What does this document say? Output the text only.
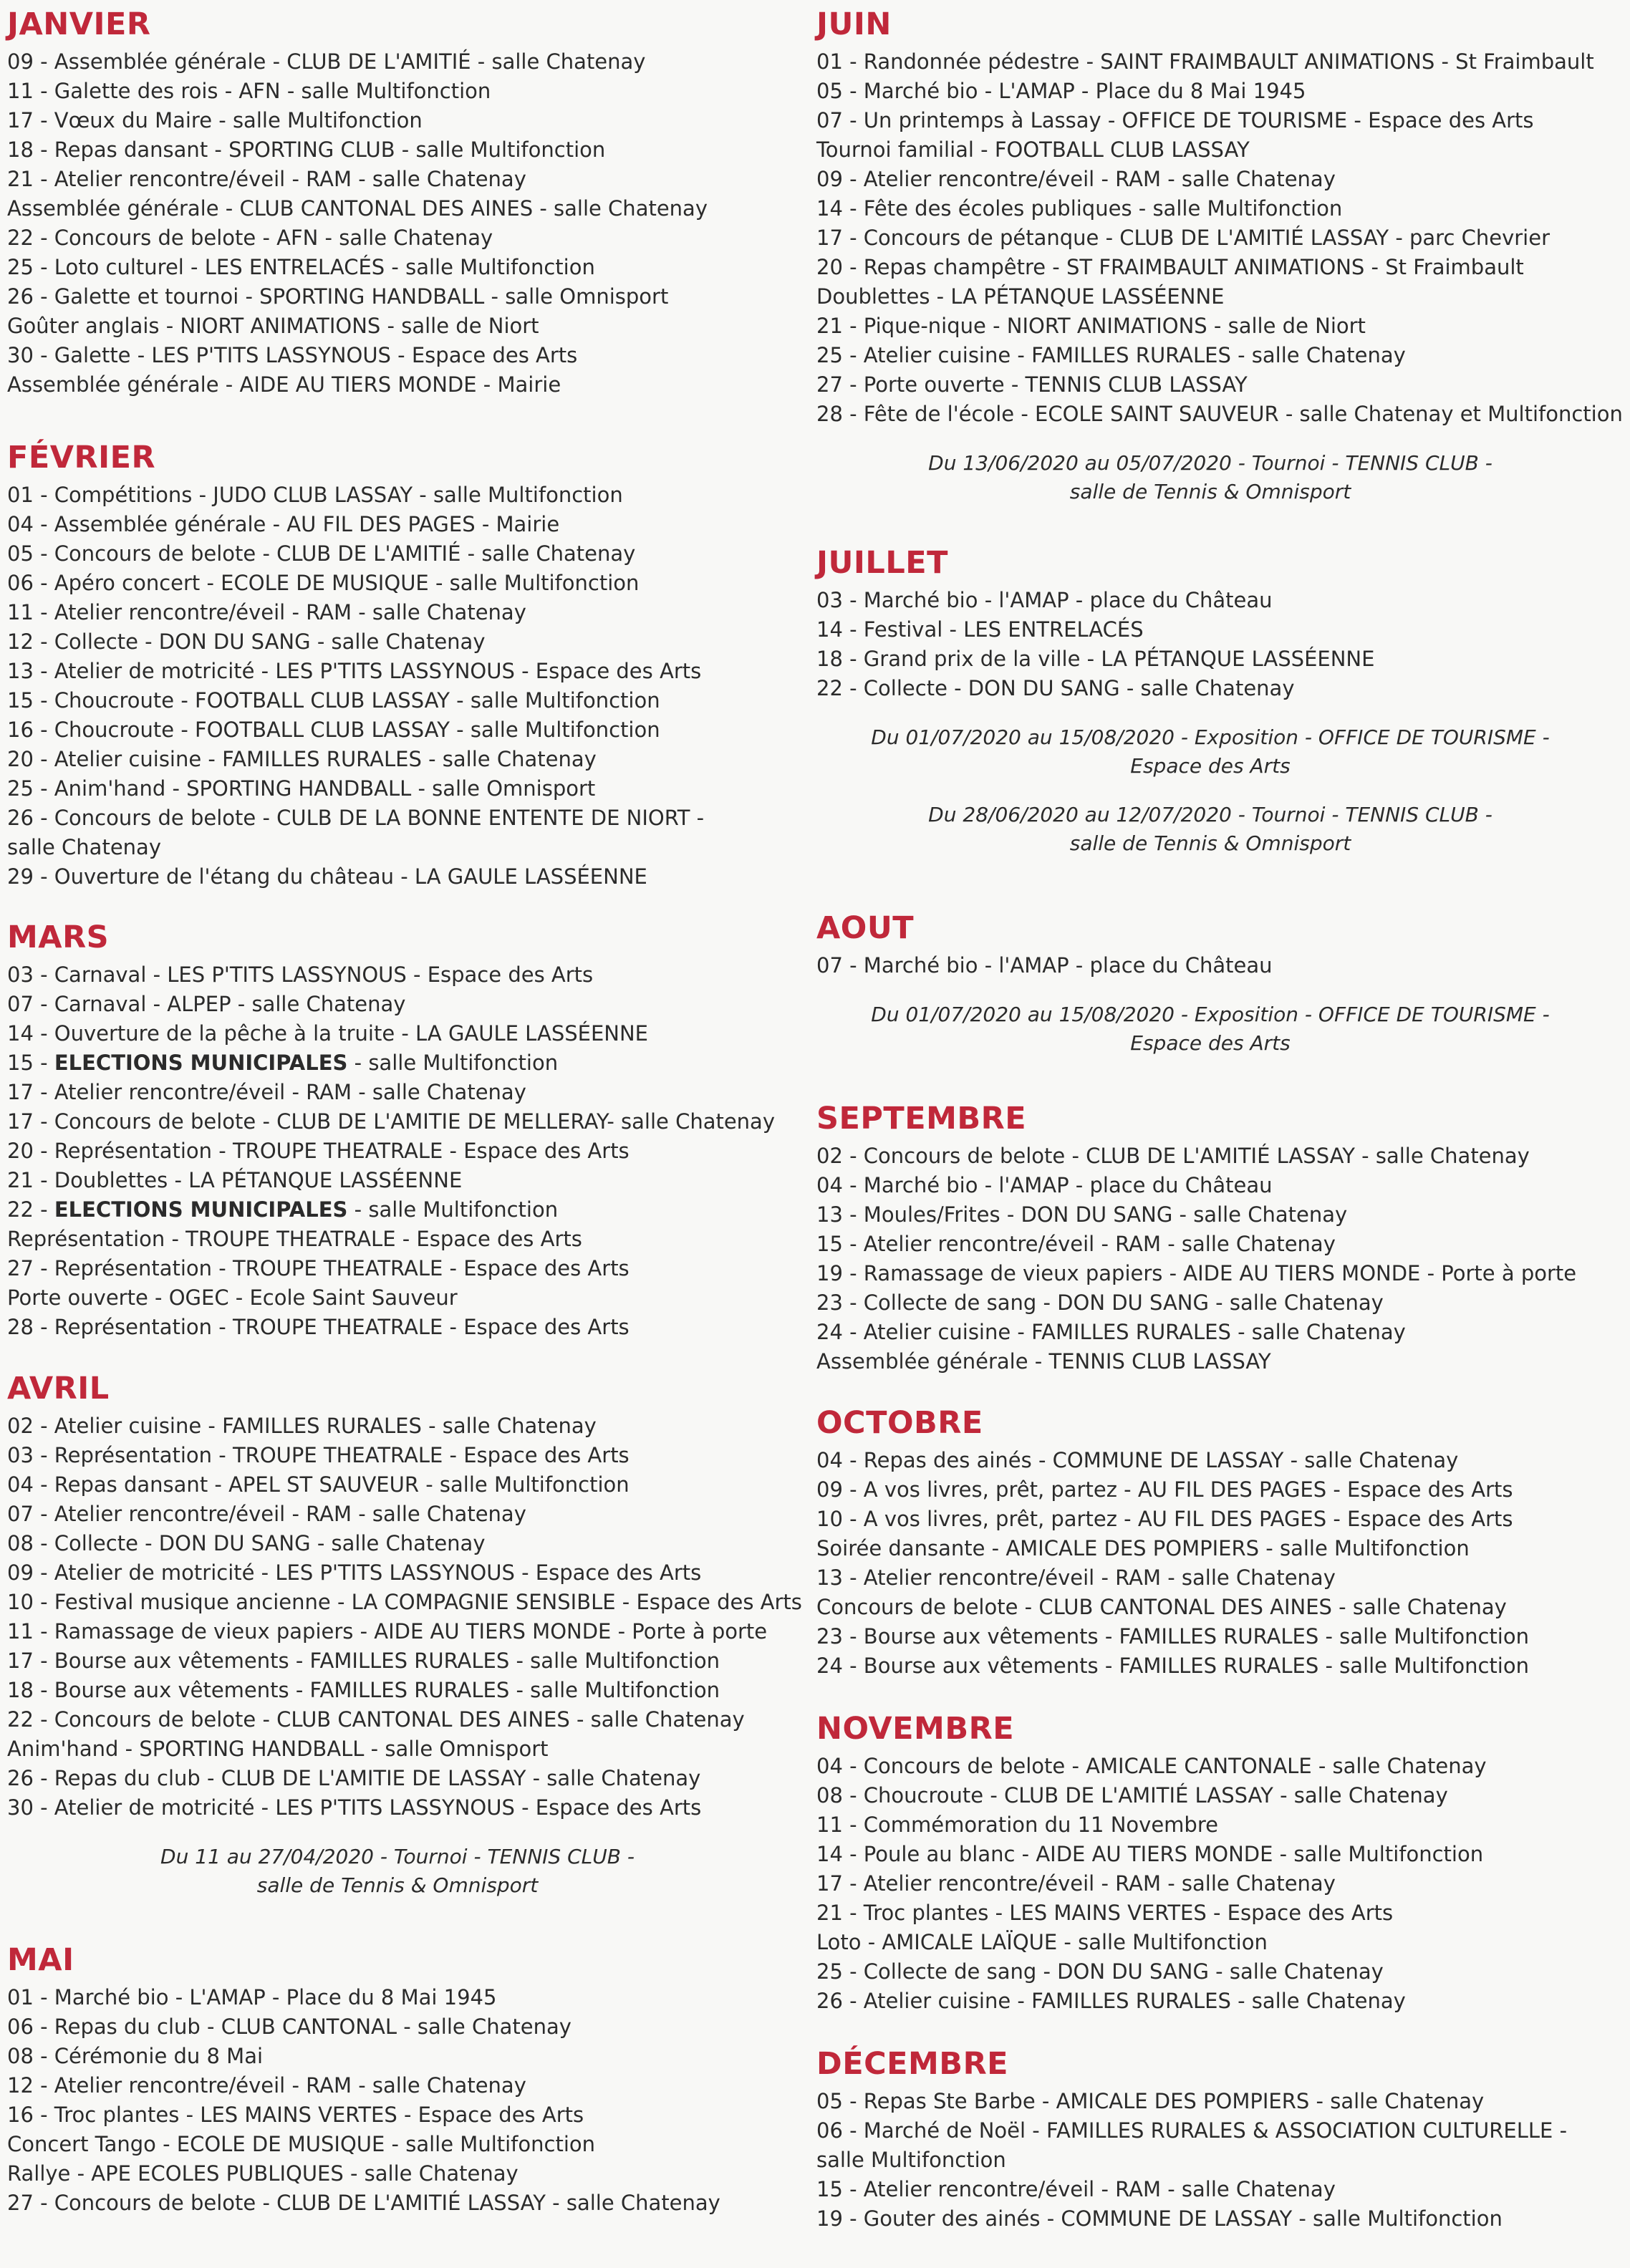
JANVIER
09 - Assemblée générale - CLUB DE L'AMITIÉ - salle Chatenay
11 - Galette des rois - AFN - salle Multifonction
17 - Vœux du Maire - salle Multifonction
18 - Repas dansant - SPORTING CLUB - salle Multifonction
21 - Atelier rencontre/éveil - RAM - salle Chatenay
Assemblée générale - CLUB CANTONAL DES AINES - salle Chatenay
22 - Concours de belote - AFN - salle Chatenay
25 - Loto culturel - LES ENTRELACÉS - salle Multifonction
26 - Galette et tournoi - SPORTING HANDBALL - salle Omnisport
Goûter anglais - NIORT ANIMATIONS - salle de Niort
30 - Galette - LES P'TITS LASSYNOUS - Espace des Arts
Assemblée générale - AIDE AU TIERS MONDE - Mairie
FÉVRIER
01 - Compétitions - JUDO CLUB LASSAY - salle Multifonction
04 - Assemblée générale - AU FIL DES PAGES - Mairie
05 - Concours de belote - CLUB DE L'AMITIÉ - salle Chatenay
06 - Apéro concert - ECOLE DE MUSIQUE - salle Multifonction
11 - Atelier rencontre/éveil - RAM - salle Chatenay
12 - Collecte - DON DU SANG - salle Chatenay
13 - Atelier de motricité - LES P'TITS LASSYNOUS - Espace des Arts
15 - Choucroute - FOOTBALL CLUB LASSAY - salle Multifonction
16 - Choucroute - FOOTBALL CLUB LASSAY - salle Multifonction
20 - Atelier cuisine - FAMILLES RURALES - salle Chatenay
25 - Anim'hand - SPORTING HANDBALL - salle Omnisport
26 - Concours de belote - CULB DE LA BONNE ENTENTE DE NIORT -
salle Chatenay
29 - Ouverture de l'étang du château - LA GAULE LASSÉENNE
MARS
03 - Carnaval - LES P'TITS LASSYNOUS - Espace des Arts
07 - Carnaval - ALPEP - salle Chatenay
14 - Ouverture de la pêche à la truite - LA GAULE LASSÉENNE
15 - ELECTIONS MUNICIPALES - salle Multifonction
17 - Atelier rencontre/éveil - RAM - salle Chatenay
17 - Concours de belote - CLUB DE L'AMITIE DE MELLERAY- salle Chatenay
20 - Représentation - TROUPE THEATRALE - Espace des Arts
21 - Doublettes - LA PÉTANQUE LASSÉENNE
22 - ELECTIONS MUNICIPALES - salle Multifonction
Représentation - TROUPE THEATRALE - Espace des Arts
27 - Représentation - TROUPE THEATRALE - Espace des Arts
Porte ouverte - OGEC - Ecole Saint Sauveur
28 - Représentation - TROUPE THEATRALE - Espace des Arts
AVRIL
02 - Atelier cuisine - FAMILLES RURALES - salle Chatenay
03 - Représentation - TROUPE THEATRALE - Espace des Arts
04 - Repas dansant - APEL ST SAUVEUR - salle Multifonction
07 - Atelier rencontre/éveil - RAM - salle Chatenay
08 - Collecte - DON DU SANG - salle Chatenay
09 - Atelier de motricité - LES P'TITS LASSYNOUS - Espace des Arts
10 - Festival musique ancienne - LA COMPAGNIE SENSIBLE - Espace des Arts
11 - Ramassage de vieux papiers - AIDE AU TIERS MONDE - Porte à porte
17 - Bourse aux vêtements - FAMILLES RURALES - salle Multifonction
18 - Bourse aux vêtements - FAMILLES RURALES - salle Multifonction
22 - Concours de belote - CLUB CANTONAL DES AINES - salle Chatenay
Anim'hand - SPORTING HANDBALL - salle Omnisport
26 - Repas du club - CLUB DE L'AMITIE DE LASSAY - salle Chatenay
30 - Atelier de motricité - LES P'TITS LASSYNOUS - Espace des Arts
Du 11 au 27/04/2020 - Tournoi - TENNIS CLUB -
salle de Tennis & Omnisport
MAI
01 - Marché bio - L'AMAP - Place du 8 Mai 1945
06 - Repas du club - CLUB CANTONAL - salle Chatenay
08 - Cérémonie du 8 Mai
12 - Atelier rencontre/éveil - RAM - salle Chatenay
16 - Troc plantes - LES MAINS VERTES - Espace des Arts
Concert Tango - ECOLE DE MUSIQUE - salle Multifonction
Rallye - APE ECOLES PUBLIQUES - salle Chatenay
27 - Concours de belote - CLUB DE L'AMITIÉ LASSAY - salle Chatenay
JUIN
01 - Randonnée pédestre - SAINT FRAIMBAULT ANIMATIONS - St Fraimbault
05 - Marché bio - L'AMAP - Place du 8 Mai 1945
07 - Un printemps à Lassay - OFFICE DE TOURISME - Espace des Arts
Tournoi familial - FOOTBALL CLUB LASSAY
09 - Atelier rencontre/éveil - RAM - salle Chatenay
14 - Fête des écoles publiques - salle Multifonction
17 - Concours de pétanque - CLUB DE L'AMITIÉ LASSAY - parc Chevrier
20 - Repas champêtre - ST FRAIMBAULT ANIMATIONS - St Fraimbault
Doublettes - LA PÉTANQUE LASSÉENNE
21 - Pique-nique - NIORT ANIMATIONS - salle de Niort
25 - Atelier cuisine - FAMILLES RURALES - salle Chatenay
27 - Porte ouverte - TENNIS CLUB LASSAY
28 - Fête de l'école - ECOLE SAINT SAUVEUR - salle Chatenay et Multifonction
Du 13/06/2020 au 05/07/2020 - Tournoi - TENNIS CLUB -
salle de Tennis & Omnisport
JUILLET
03 - Marché bio - l'AMAP - place du Château
14 - Festival - LES ENTRELACÉS
18 - Grand prix de la ville - LA PÉTANQUE LASSÉENNE
22 - Collecte - DON DU SANG - salle Chatenay
Du 01/07/2020 au 15/08/2020 - Exposition - OFFICE DE TOURISME -
Espace des Arts
Du 28/06/2020 au 12/07/2020 - Tournoi - TENNIS CLUB -
salle de Tennis & Omnisport
AOUT
07 - Marché bio - l'AMAP - place du Château
Du 01/07/2020 au 15/08/2020 - Exposition - OFFICE DE TOURISME -
Espace des Arts
SEPTEMBRE
02 - Concours de belote - CLUB DE L'AMITIÉ LASSAY - salle Chatenay
04 - Marché bio - l'AMAP - place du Château
13 - Moules/Frites - DON DU SANG - salle Chatenay
15 - Atelier rencontre/éveil - RAM - salle Chatenay
19 - Ramassage de vieux papiers - AIDE AU TIERS MONDE - Porte à porte
23 - Collecte de sang - DON DU SANG - salle Chatenay
24 - Atelier cuisine - FAMILLES RURALES - salle Chatenay
Assemblée générale - TENNIS CLUB LASSAY
OCTOBRE
04 - Repas des ainés - COMMUNE DE LASSAY - salle Chatenay
09 - A vos livres, prêt, partez - AU FIL DES PAGES - Espace des Arts
10 - A vos livres, prêt, partez - AU FIL DES PAGES - Espace des Arts
Soirée dansante - AMICALE DES POMPIERS - salle Multifonction
13 - Atelier rencontre/éveil - RAM - salle Chatenay
Concours de belote - CLUB CANTONAL DES AINES - salle Chatenay
23 - Bourse aux vêtements - FAMILLES RURALES - salle Multifonction
24 - Bourse aux vêtements - FAMILLES RURALES - salle Multifonction
NOVEMBRE
04 - Concours de belote - AMICALE CANTONALE - salle Chatenay
08 - Choucroute - CLUB DE L'AMITIÉ LASSAY - salle Chatenay
11 - Commémoration du 11 Novembre
14 - Poule au blanc - AIDE AU TIERS MONDE - salle Multifonction
17 - Atelier rencontre/éveil - RAM - salle Chatenay
21 - Troc plantes - LES MAINS VERTES - Espace des Arts
Loto - AMICALE LAÏQUE - salle Multifonction
25 - Collecte de sang - DON DU SANG - salle Chatenay
26 - Atelier cuisine - FAMILLES RURALES - salle Chatenay
DÉCEMBRE
05 - Repas Ste Barbe - AMICALE DES POMPIERS - salle Chatenay
06 - Marché de Noël - FAMILLES RURALES & ASSOCIATION CULTURELLE -
salle Multifonction
15 - Atelier rencontre/éveil - RAM - salle Chatenay
19 - Gouter des ainés - COMMUNE DE LASSAY - salle Multifonction
